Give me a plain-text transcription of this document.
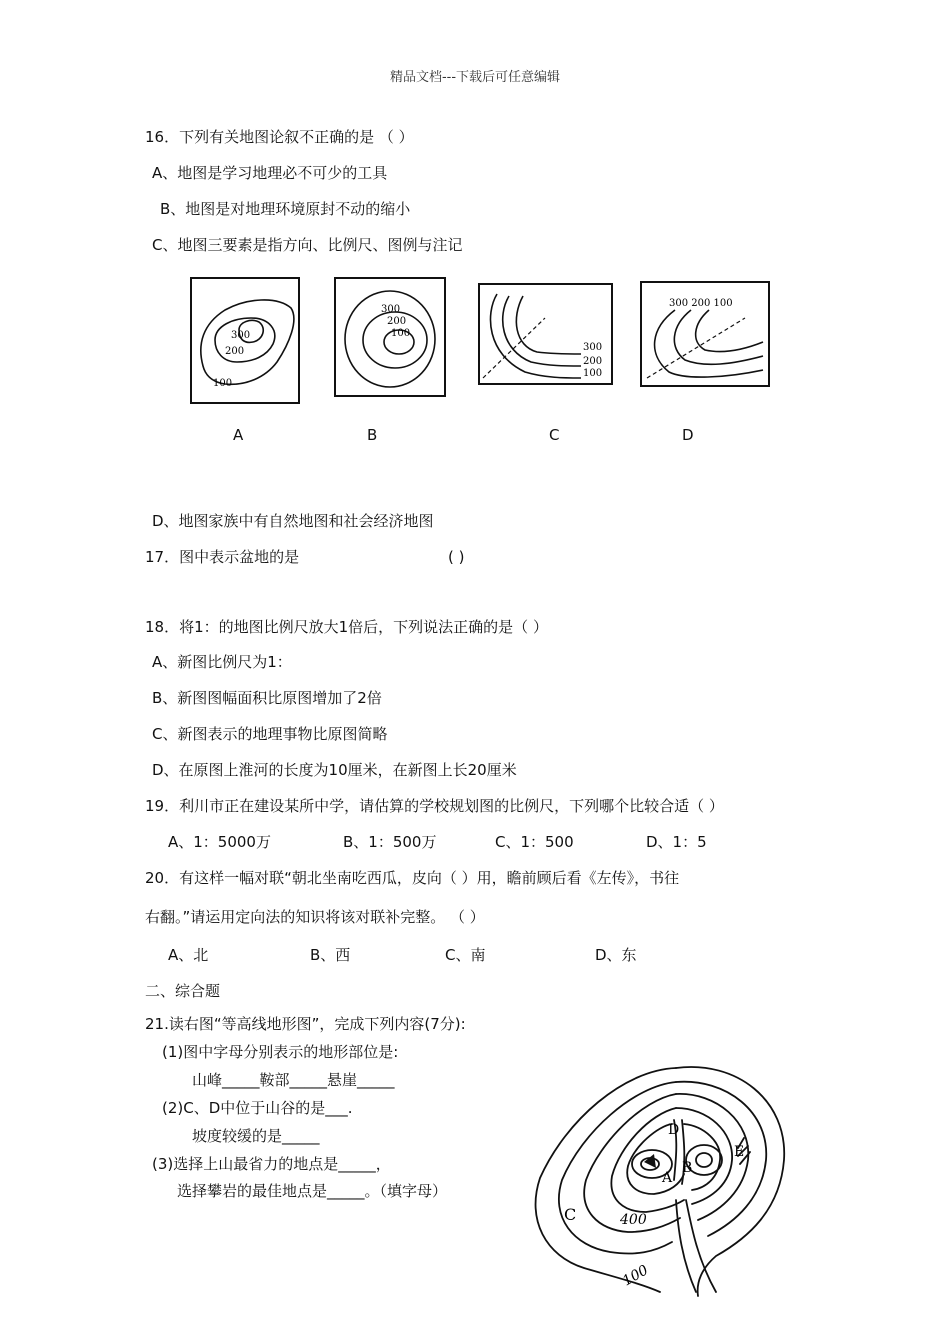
精品文档---下载后可任意编辑
16．下列有关地图论叙不正确的是 （ ）
A、地图是学习地理必不可少的工具
B、地图是对地理环境原封不动的缩小
C、地图三要素是指方向、比例尺、图例与注记
300
200
100
300
200
100
300
200
100
300 200 100
A	B	C	D
D、地图家族中有自然地图和社会经济地图
17．图中表示盆地的是	( )
18．将1：的地图比例尺放大1倍后，下列说法正确的是（ ）
A、新图比例尺为1：
B、新图图幅面积比原图增加了2倍
C、新图表示的地理事物比原图简略
D、在原图上淮河的长度为10厘米，在新图上长20厘米
19．利川市正在建设某所中学，请估算的学校规划图的比例尺，下列哪个比较合适（ ）
A、1：5000万	B、1：500万	C、1：500	D、1：5
20．有这样一幅对联“朝北坐南吃西瓜，皮向（ ）用，瞻前顾后看《左传》，书往
右翻。”请运用定向法的知识将该对联补完整。 （ ）
A、北	B、西	C、南	D、东
二、综合题
21.读右图“等高线地形图”，完成下列内容(7分):
(1)图中字母分别表示的地形部位是:
山峰_____鞍部_____悬崖_____
(2)C、D中位于山谷的是___.
坡度较缓的是_____
(3)选择上山最省力的地点是_____，
选择攀岩的最佳地点是_____。（填字母）
A
B
C
D
E
400
100
